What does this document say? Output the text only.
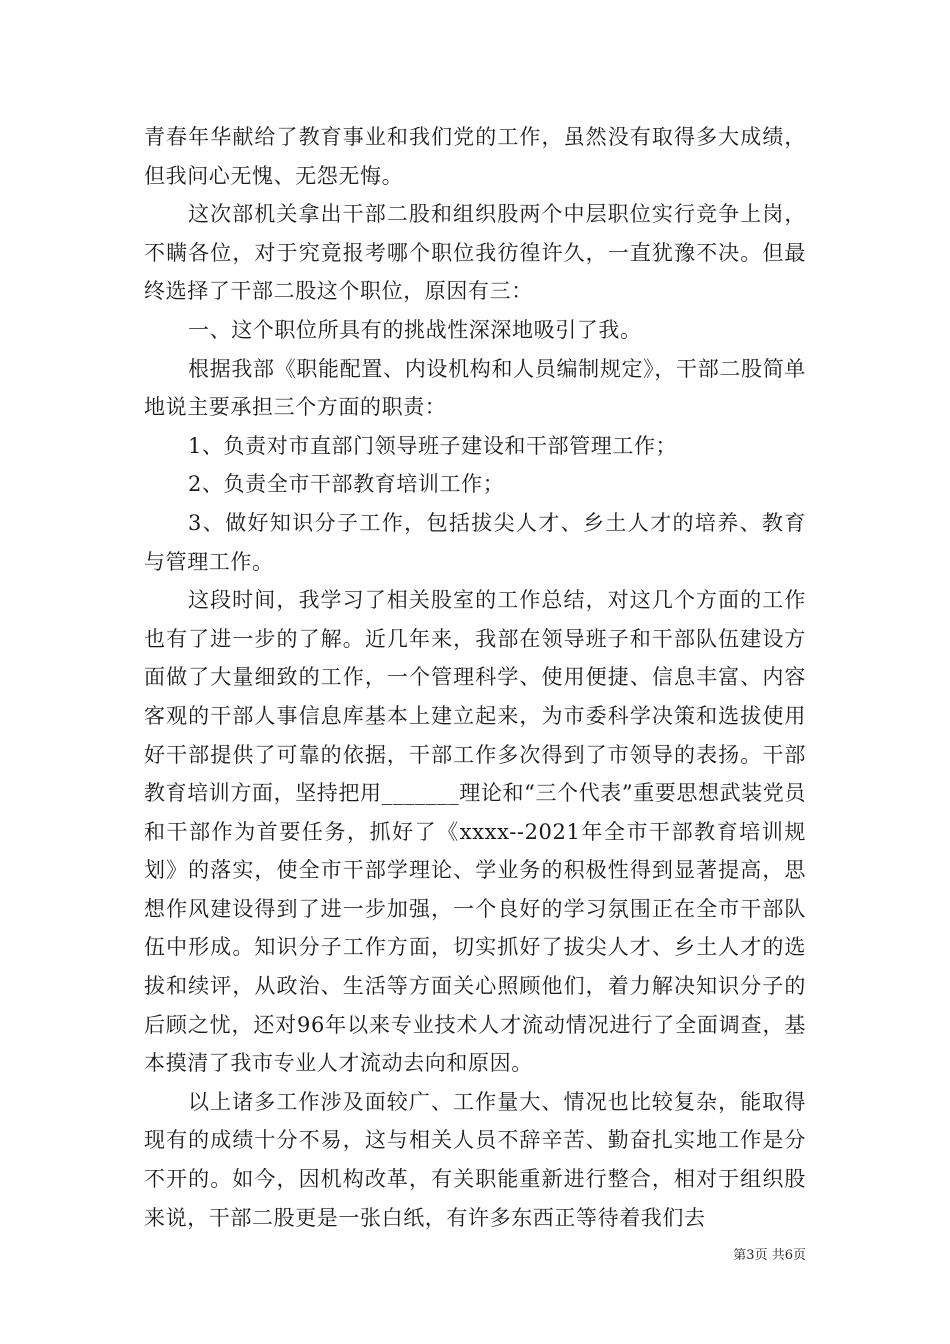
青春年华献给了教育事业和我们党的工作，虽然没有取得多大成绩，但我问心无愧、无怨无悔。

这次部机关拿出干部二股和组织股两个中层职位实行竞争上岗，不瞒各位，对于究竟报考哪个职位我彷徨许久，一直犹豫不决。但最终选择了干部二股这个职位，原因有三：

一、这个职位所具有的挑战性深深地吸引了我。

根据我部《职能配置、内设机构和人员编制规定》，干部二股简单地说主要承担三个方面的职责：

1、负责对市直部门领导班子建设和干部管理工作；

2、负责全市干部教育培训工作；

3、做好知识分子工作，包括拔尖人才、乡土人才的培养、教育与管理工作。

这段时间，我学习了相关股室的工作总结，对这几个方面的工作也有了进一步的了解。近几年来，我部在领导班子和干部队伍建设方面做了大量细致的工作，一个管理科学、使用便捷、信息丰富、内容客观的干部人事信息库基本上建立起来，为市委科学决策和选拔使用好干部提供了可靠的依据，干部工作多次得到了市领导的表扬。干部教育培训方面，坚持把用_______理论和“三个代表”重要思想武装党员和干部作为首要任务，抓好了《xxxx--2021年全市干部教育培训规划》的落实，使全市干部学理论、学业务的积极性得到显著提高，思想作风建设得到了进一步加强，一个良好的学习氛围正在全市干部队伍中形成。知识分子工作方面，切实抓好了拔尖人才、乡土人才的选拔和续评，从政治、生活等方面关心照顾他们，着力解决知识分子的后顾之忧，还对96年以来专业技术人才流动情况进行了全面调查，基本摸清了我市专业人才流动去向和原因。

以上诸多工作涉及面较广、工作量大、情况也比较复杂，能取得现有的成绩十分不易，这与相关人员不辞辛苦、勤奋扎实地工作是分不开的。如今，因机构改革，有关职能重新进行整合，相对于组织股来说，干部二股更是一张白纸，有许多东西正等待着我们去

第3页 共6页
